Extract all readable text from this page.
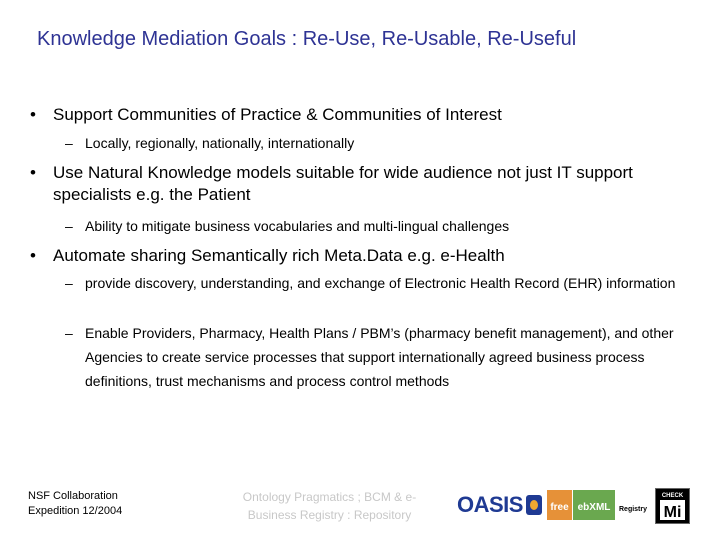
Knowledge Mediation Goals : Re-Use, Re-Usable, Re-Useful
• Support Communities of Practice & Communities of Interest
– Locally, regionally, nationally, internationally
• Use Natural Knowledge models suitable for wide audience not just IT support specialists e.g. the Patient
– Ability to mitigate business vocabularies and multi-lingual challenges
• Automate sharing Semantically rich Meta.Data e.g. e-Health
– provide discovery, understanding, and exchange of Electronic Health Record (EHR) information
– Enable Providers, Pharmacy, Health Plans / PBM’s (pharmacy benefit management), and other Agencies to create service processes that support internationally agreed business process definitions, trust mechanisms and process control methods
NSF Collaboration
Expedition 12/2004
Ontology Pragmatics ; BCM & e-
Business Registry : Repository	OASIS	free ebXML Registry
CHECK
Mi
